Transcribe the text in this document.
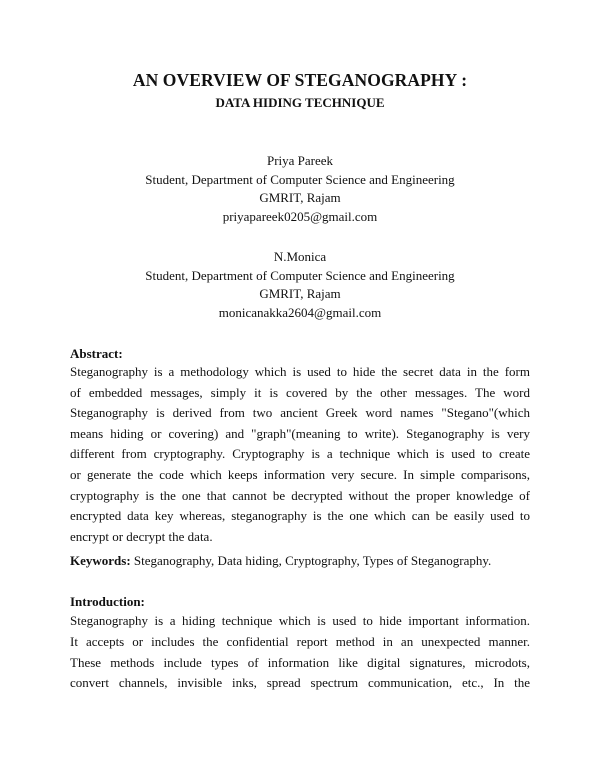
AN OVERVIEW OF STEGANOGRAPHY :
DATA HIDING TECHNIQUE
Priya Pareek
Student, Department of Computer Science and Engineering
GMRIT, Rajam
priyapareek0205@gmail.com
N.Monica
Student, Department of Computer Science and Engineering
GMRIT, Rajam
monicanakka2604@gmail.com
Abstract:
Steganography is a methodology which is used to hide the secret data in the form
of embedded messages, simply it is covered by the other messages. The word
Steganography is derived from two ancient Greek word names "Stegano"(which
means hiding or covering) and "graph"(meaning to write). Steganography is very
different from cryptography. Cryptography is a technique which is used to create
or generate the code which keeps information very secure. In simple comparisons,
cryptography is the one that cannot be decrypted without the proper knowledge of
encrypted data key whereas, steganography is the one which can be easily used to
encrypt or decrypt the data.
Keywords: Steganography, Data hiding, Cryptography, Types of Steganography.
Introduction:
Steganography is a hiding technique which is used to hide important information.
It accepts or includes the confidential report method in an unexpected manner.
These methods include types of information like digital signatures, microdots,
convert channels, invisible inks, spread spectrum communication, etc., In the
